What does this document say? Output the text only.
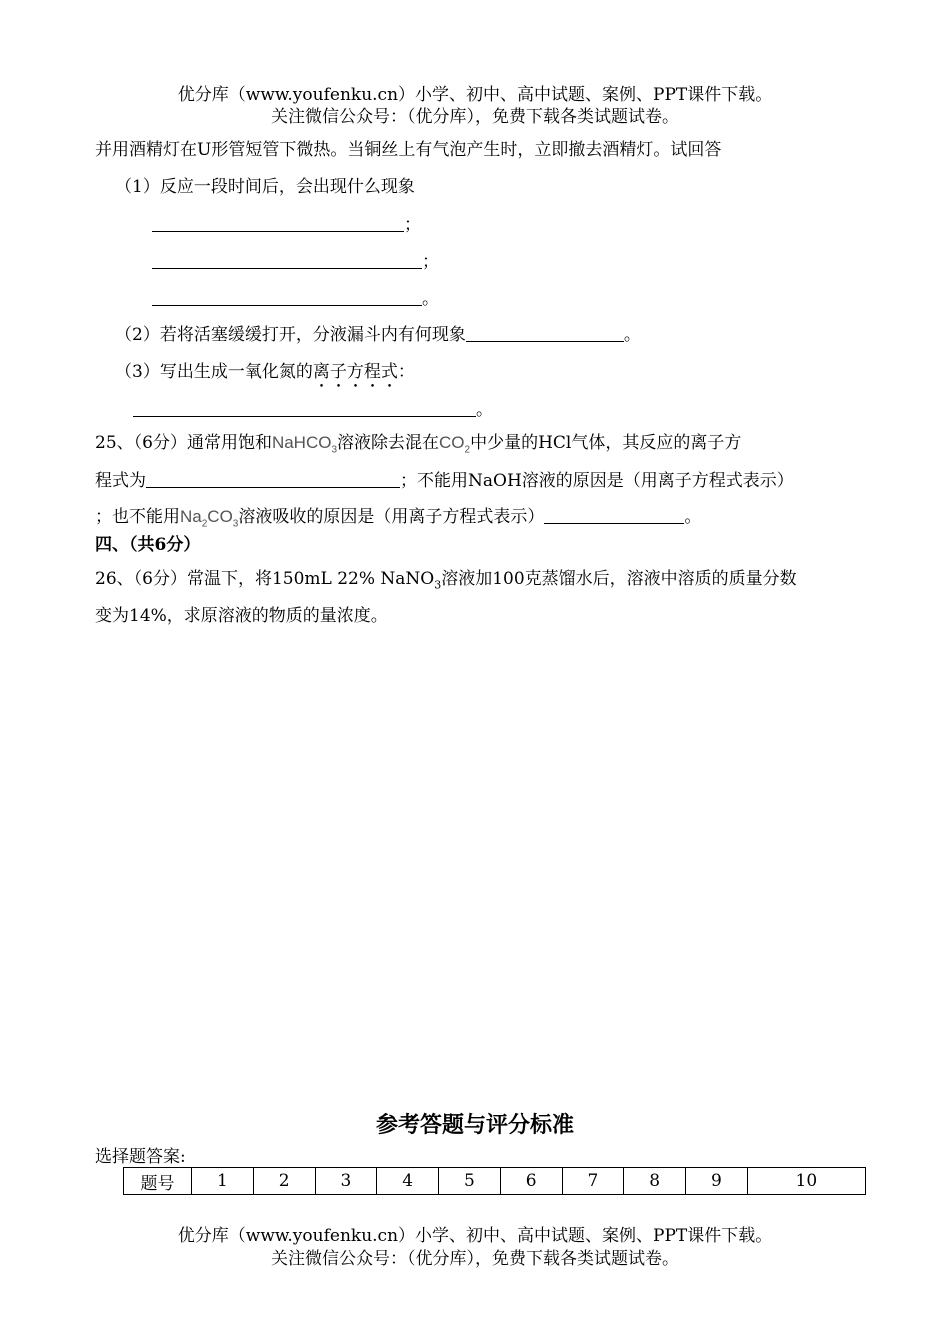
优分库（www.youfenku.cn）小学、初中、高中试题、案例、PPT课件下载。
关注微信公众号：（优分库），免费下载各类试题试卷。
并用酒精灯在U形管短管下微热。当铜丝上有气泡产生时，立即撤去酒精灯。试回答
（1）反应一段时间后，会出现什么现象
；
；
。
（2）若将活塞缓缓打开，分液漏斗内有何现象	。
（3）写出生成一氧化氮的离子方程式：
。
25、（6分）通常用饱和NaHCO$_3$溶液除去混在$CO_2$中少量的HCl气体，其反应的离子方
程式为	；不能用NaOH溶液的原因是（用离子方程式表示）
；也不能用$Na_2CO_3$溶液吸收的原因是（用离子方程式表示）	。
四、（共6分）
26、（6分）常温下，将150mL 22% NaNO$_3$溶液加100克蒸馏水后，溶液中溶质的质量分数
变为14%，求原溶液的物质的量浓度。
参考答题与评分标准
选择题答案:
题号	1	2	3	4	5	6	7	8	9	10
优分库（www.youfenku.cn）小学、初中、高中试题、案例、PPT课件下载。
关注微信公众号：（优分库），免费下载各类试题试卷。
